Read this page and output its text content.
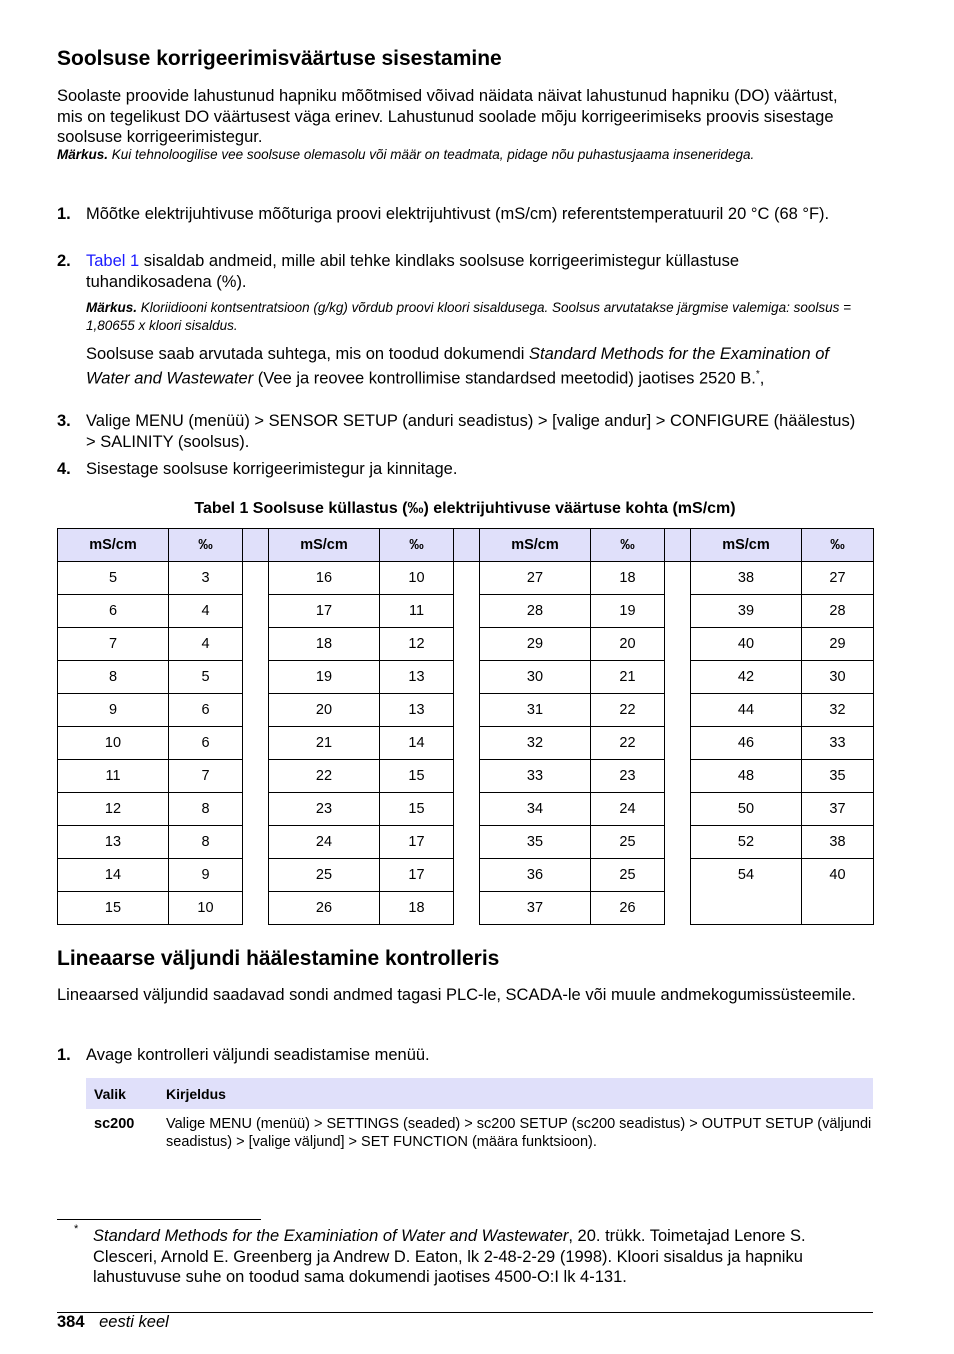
Soolsuse korrigeerimisväärtuse sisestamine
Soolaste proovide lahustunud hapniku mõõtmised võivad näidata näivat lahustunud hapniku (DO) väärtust, mis on tegelikust DO väärtusest väga erinev. Lahustunud soolade mõju korrigeerimiseks proovis sisestage soolsuse korrigeerimistegur.
Märkus. Kui tehnoloogilise vee soolsuse olemasolu või määr on teadmata, pidage nõu puhastusjaama inseneridega.
1. Mõõtke elektrijuhtivuse mõõturiga proovi elektrijuhtivust (mS/cm) referentstemperatuuril 20 °C (68 °F).
2. Tabel 1 sisaldab andmeid, mille abil tehke kindlaks soolsuse korrigeerimistegur küllastuse tuhandikosadena (%).
Märkus. Kloriidiooni kontsentratsioon (g/kg) võrdub proovi kloori sisaldusega. Soolsus arvutatakse järgmise valemiga: soolsus = 1,80655 x kloori sisaldus.
Soolsuse saab arvutada suhtega, mis on toodud dokumendi Standard Methods for the Examination of Water and Wastewater (Vee ja reovee kontrollimise standardsed meetodid) jaotises 2520 B.*,
3. Valige MENU (menüü) > SENSOR SETUP (anduri seadistus) > [valige andur] > CONFIGURE (häälestus) > SALINITY (soolsus).
4. Sisestage soolsuse korrigeerimistegur ja kinnitage.
Tabel 1 Soolsuse küllastus (‰) elektrijuhtivuse väärtuse kohta (mS/cm)
mS/cm	‰		mS/cm	‰		mS/cm	‰		mS/cm	‰
5	3		16	10		27	18		38	27
6	4		17	11		28	19		39	28
7	4		18	12		29	20		40	29
8	5		19	13		30	21		42	30
9	6		20	13		31	22		44	32
10	6		21	14		32	22		46	33
11	7		22	15		33	23		48	35
12	8		23	15		34	24		50	37
13	8		24	17		35	25		52	38
14	9		25	17		36	25		54	40
15	10		26	18		37	26			
Lineaarse väljundi häälestamine kontrolleris
Lineaarsed väljundid saadavad sondi andmed tagasi PLC-le, SCADA-le või muule andmekogumissüsteemile.
1. Avage kontrolleri väljundi seadistamise menüü.
Valik	Kirjeldus
sc200	Valige MENU (menüü) > SETTINGS (seaded) > sc200 SETUP (sc200 seadistus) > OUTPUT SETUP (väljundi seadistus) > [valige väljund] > SET FUNCTION (määra funktsioon).
* Standard Methods for the Examiniation of Water and Wastewater, 20. trükk. Toimetajad Lenore S. Clesceri, Arnold E. Greenberg ja Andrew D. Eaton, lk 2-48-2-29 (1998). Kloori sisaldus ja hapniku lahustuvuse suhe on toodud sama dokumendi jaotises 4500-O:I lk 4-131.
384 eesti keel
